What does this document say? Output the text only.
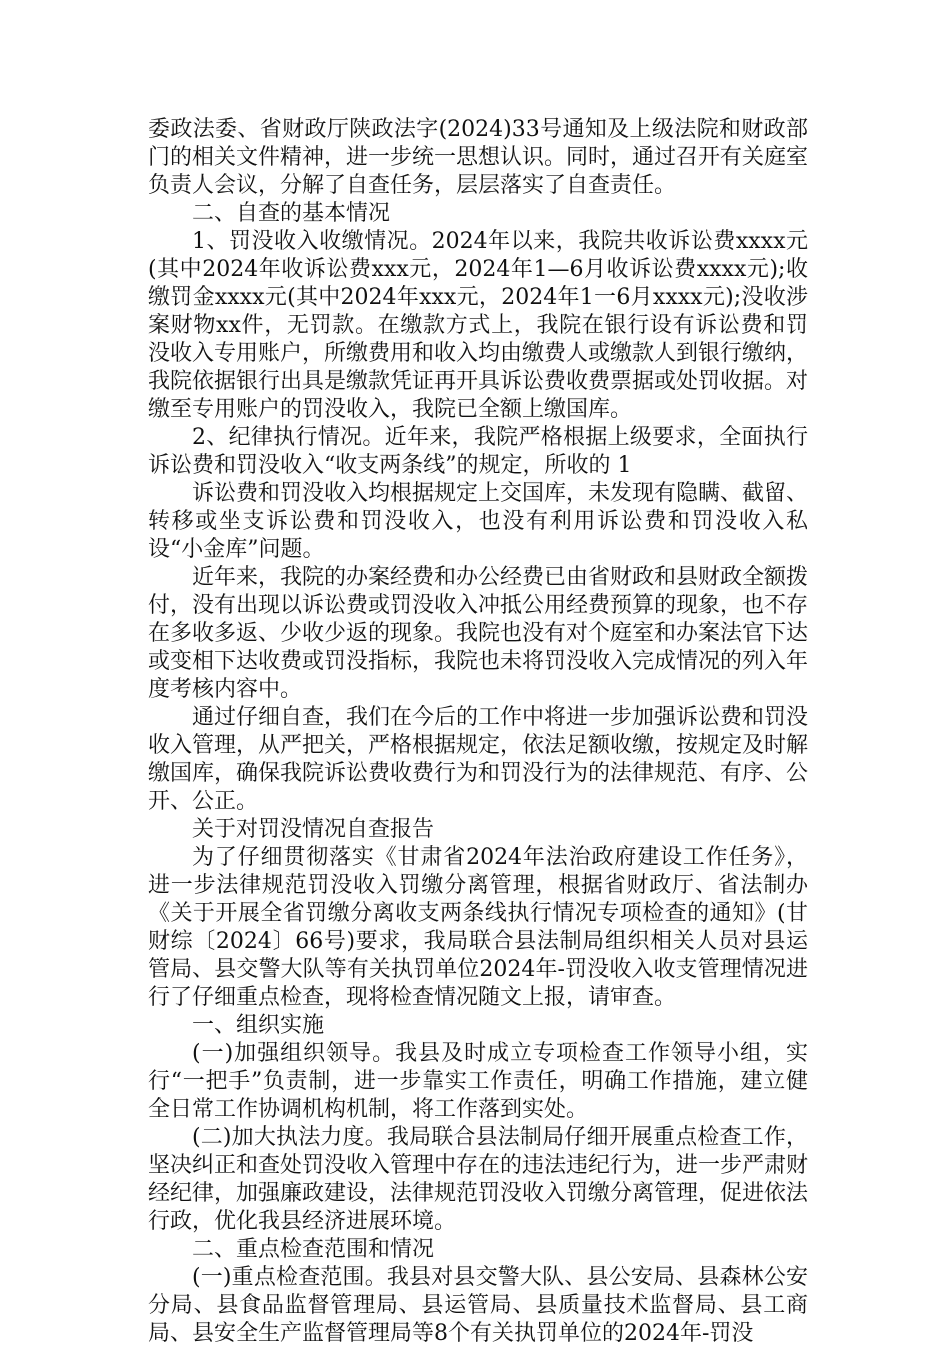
委政法委、省财政厅陕政法字(2024)33号通知及上级法院和财政部门的相关文件精神，进一步统一思想认识。同时，通过召开有关庭室负责人会议，分解了自查任务，层层落实了自查责任。

二、自查的基本情况

1、罚没收入收缴情况。2024年以来，我院共收诉讼费xxxx元(其中2024年收诉讼费xxx元，2024年1—6月收诉讼费xxxx元);收缴罚金xxxx元(其中2024年xxx元，2024年1一6月xxxx元);没收涉案财物xx件，无罚款。在缴款方式上，我院在银行设有诉讼费和罚没收入专用账户，所缴费用和收入均由缴费人或缴款人到银行缴纳，我院依据银行出具是缴款凭证再开具诉讼费收费票据或处罚收据。对缴至专用账户的罚没收入，我院已全额上缴国库。

2、纪律执行情况。近年来，我院严格根据上级要求，全面执行诉讼费和罚没收入“收支两条线”的规定，所收的 1

诉讼费和罚没收入均根据规定上交国库，未发现有隐瞒、截留、转移或坐支诉讼费和罚没收入，也没有利用诉讼费和罚没收入私设“小金库”问题。

近年来，我院的办案经费和办公经费已由省财政和县财政全额拨付，没有出现以诉讼费或罚没收入冲抵公用经费预算的现象，也不存在多收多返、少收少返的现象。我院也没有对个庭室和办案法官下达或变相下达收费或罚没指标，我院也未将罚没收入完成情况的列入年度考核内容中。

通过仔细自查，我们在今后的工作中将进一步加强诉讼费和罚没收入管理，从严把关，严格根据规定，依法足额收缴，按规定及时解缴国库，确保我院诉讼费收费行为和罚没行为的法律规范、有序、公开、公正。

关于对罚没情况自查报告

为了仔细贯彻落实《甘肃省2024年法治政府建设工作任务》，进一步法律规范罚没收入罚缴分离管理，根据省财政厅、省法制办《关于开展全省罚缴分离收支两条线执行情况专项检查的通知》(甘财综〔2024〕66号)要求，我局联合县法制局组织相关人员对县运管局、县交警大队等有关执罚单位2024年-罚没收入收支管理情况进行了仔细重点检查，现将检查情况随文上报，请审查。

一、组织实施

(一)加强组织领导。我县及时成立专项检查工作领导小组，实行“一把手”负责制，进一步靠实工作责任，明确工作措施，建立健全日常工作协调机构机制，将工作落到实处。

(二)加大执法力度。我局联合县法制局仔细开展重点检查工作，坚决纠正和查处罚没收入管理中存在的违法违纪行为，进一步严肃财经纪律，加强廉政建设，法律规范罚没收入罚缴分离管理，促进依法行政，优化我县经济进展环境。

二、重点检查范围和情况

(一)重点检查范围。我县对县交警大队、县公安局、县森林公安分局、县食品监督管理局、县运管局、县质量技术监督局、县工商局、县安全生产监督管理局等8个有关执罚单位的2024年-罚没
